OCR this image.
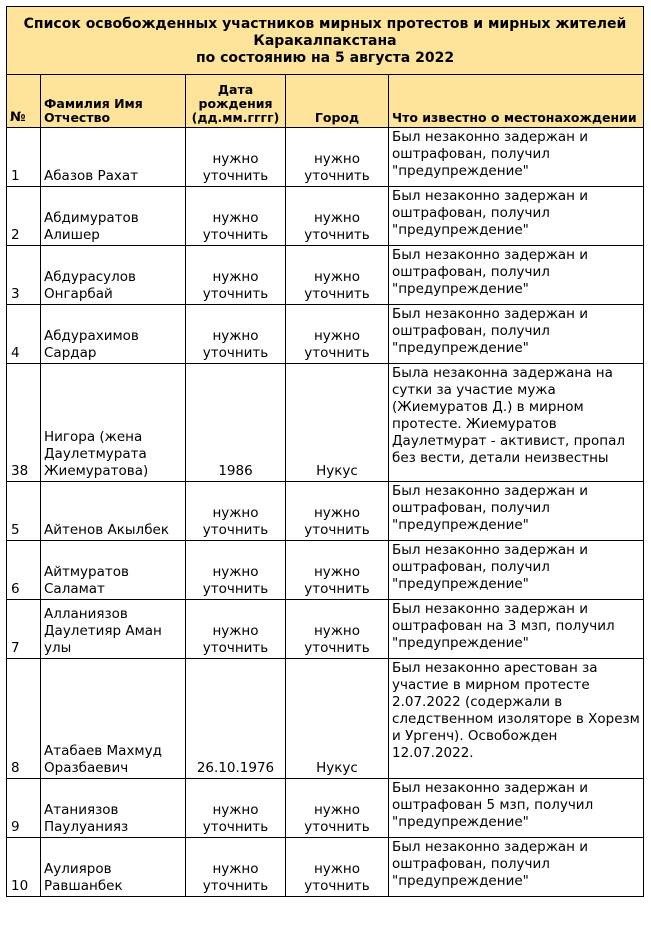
Список освобожденных участников мирных протестов и мирных жителей
Каракалпакстана
по состоянию на 5 августа 2022				

№	Фамилия Имя Отчество	Дата рождения (дд.мм.гггг)	Город	Что известно о местонахождении
1	Абазов Рахат	нужно уточнить	нужно уточнить	Был незаконно задержан и оштрафован, получил "предупреждение"
2	Абдимуратов Алишер	нужно уточнить	нужно уточнить	Был незаконно задержан и оштрафован, получил "предупреждение"
3	Абдурасулов Онгарбай	нужно уточнить	нужно уточнить	Был незаконно задержан и оштрафован, получил "предупреждение"
4	Абдурахимов Сардар	нужно уточнить	нужно уточнить	Был незаконно задержан и оштрафован, получил "предупреждение"
38	Нигора (жена Даулетмурата Жиемуратова)	1986	Нукус	Была незаконна задержана на сутки за участие мужа (Жиемуратов Д.) в мирном протесте. Жиемуратов Даулетмурат - активист, пропал без вести, детали неизвестны
5	Айтенов Акылбек	нужно уточнить	нужно уточнить	Был незаконно задержан и оштрафован, получил "предупреждение"
6	Айтмуратов Саламат	нужно уточнить	нужно уточнить	Был незаконно задержан и оштрафован, получил "предупреждение"
7	Алланиязов Даулетияр Аман улы	нужно уточнить	нужно уточнить	Был незаконно задержан и оштрафован на 3 мзп, получил "предупреждение"
8	Атабаев Махмуд Оразбаевич	26.10.1976	Нукус	Был незаконно арестован за участие в мирном протесте 2.07.2022 (содержали в следственном изоляторе в Хорезм и Ургенч). Освобожден 12.07.2022.
9	Атаниязов Паулуанияз	нужно уточнить	нужно уточнить	Был незаконно задержан и оштрафован 5 мзп, получил "предупреждение"
10	Аулияров Равшанбек	нужно уточнить	нужно уточнить	Был незаконно задержан и оштрафован, получил "предупреждение"
